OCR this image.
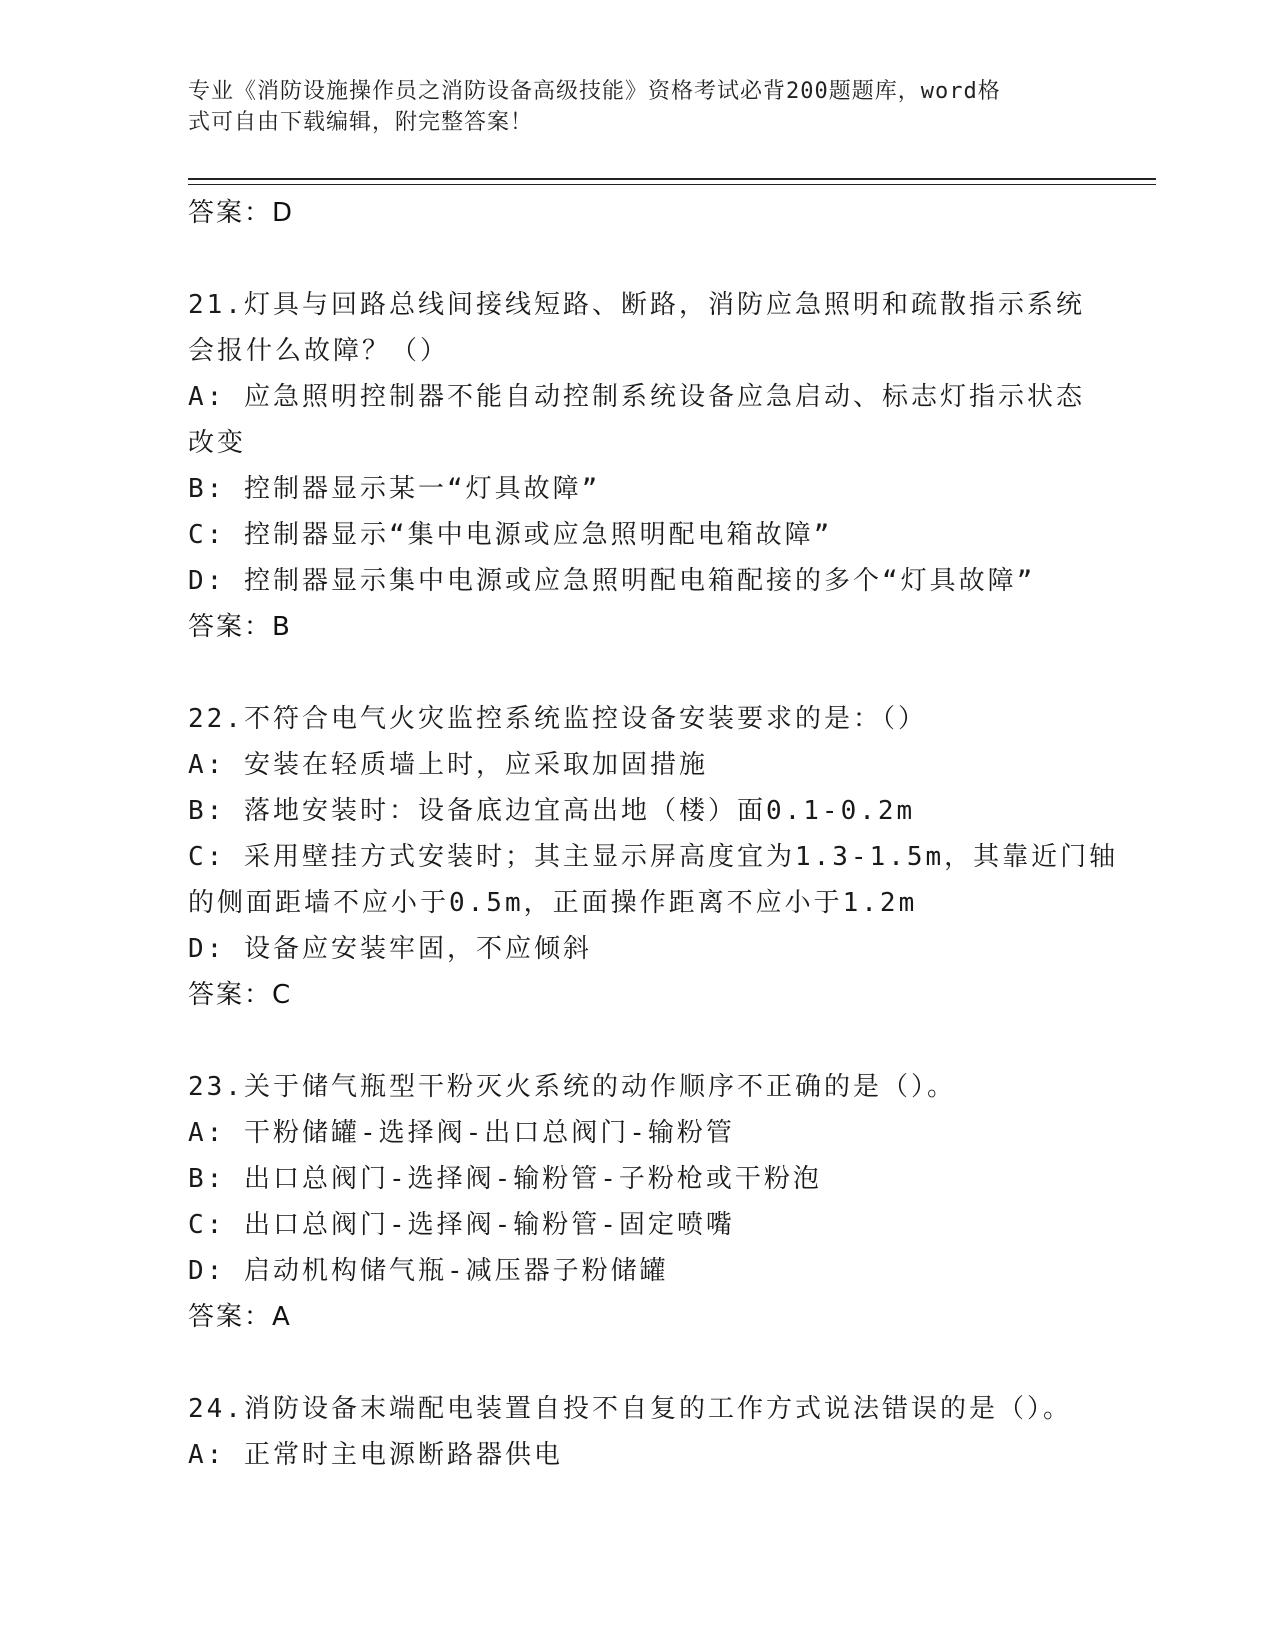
专业《消防设施操作员之消防设备高级技能》资格考试必背200题题库，word格
式可自由下载编辑，附完整答案！
答案：D
21.灯具与回路总线间接线短路、断路，消防应急照明和疏散指示系统
会报什么故障？（）
A: 应急照明控制器不能自动控制系统设备应急启动、标志灯指示状态
改变
B: 控制器显示某一“灯具故障”
C: 控制器显示“集中电源或应急照明配电箱故障”
D: 控制器显示集中电源或应急照明配电箱配接的多个“灯具故障”
答案：B
22.不符合电气火灾监控系统监控设备安装要求的是：（）
A: 安装在轻质墙上时，应采取加固措施
B: 落地安装时：设备底边宜高出地（楼）面0.1-0.2m
C: 采用壁挂方式安装时；其主显示屏高度宜为1.3-1.5m，其靠近门轴
的侧面距墙不应小于0.5m，正面操作距离不应小于1.2m
D: 设备应安装牢固，不应倾斜
答案：C
23.关于储气瓶型干粉灭火系统的动作顺序不正确的是（）。
A: 干粉储罐-选择阀-出口总阀门-输粉管
B: 出口总阀门-选择阀-输粉管-子粉枪或干粉泡
C: 出口总阀门-选择阀-输粉管-固定喷嘴
D: 启动机构储气瓶-减压器子粉储罐
答案：A
24.消防设备末端配电装置自投不自复的工作方式说法错误的是（）。
A: 正常时主电源断路器供电
